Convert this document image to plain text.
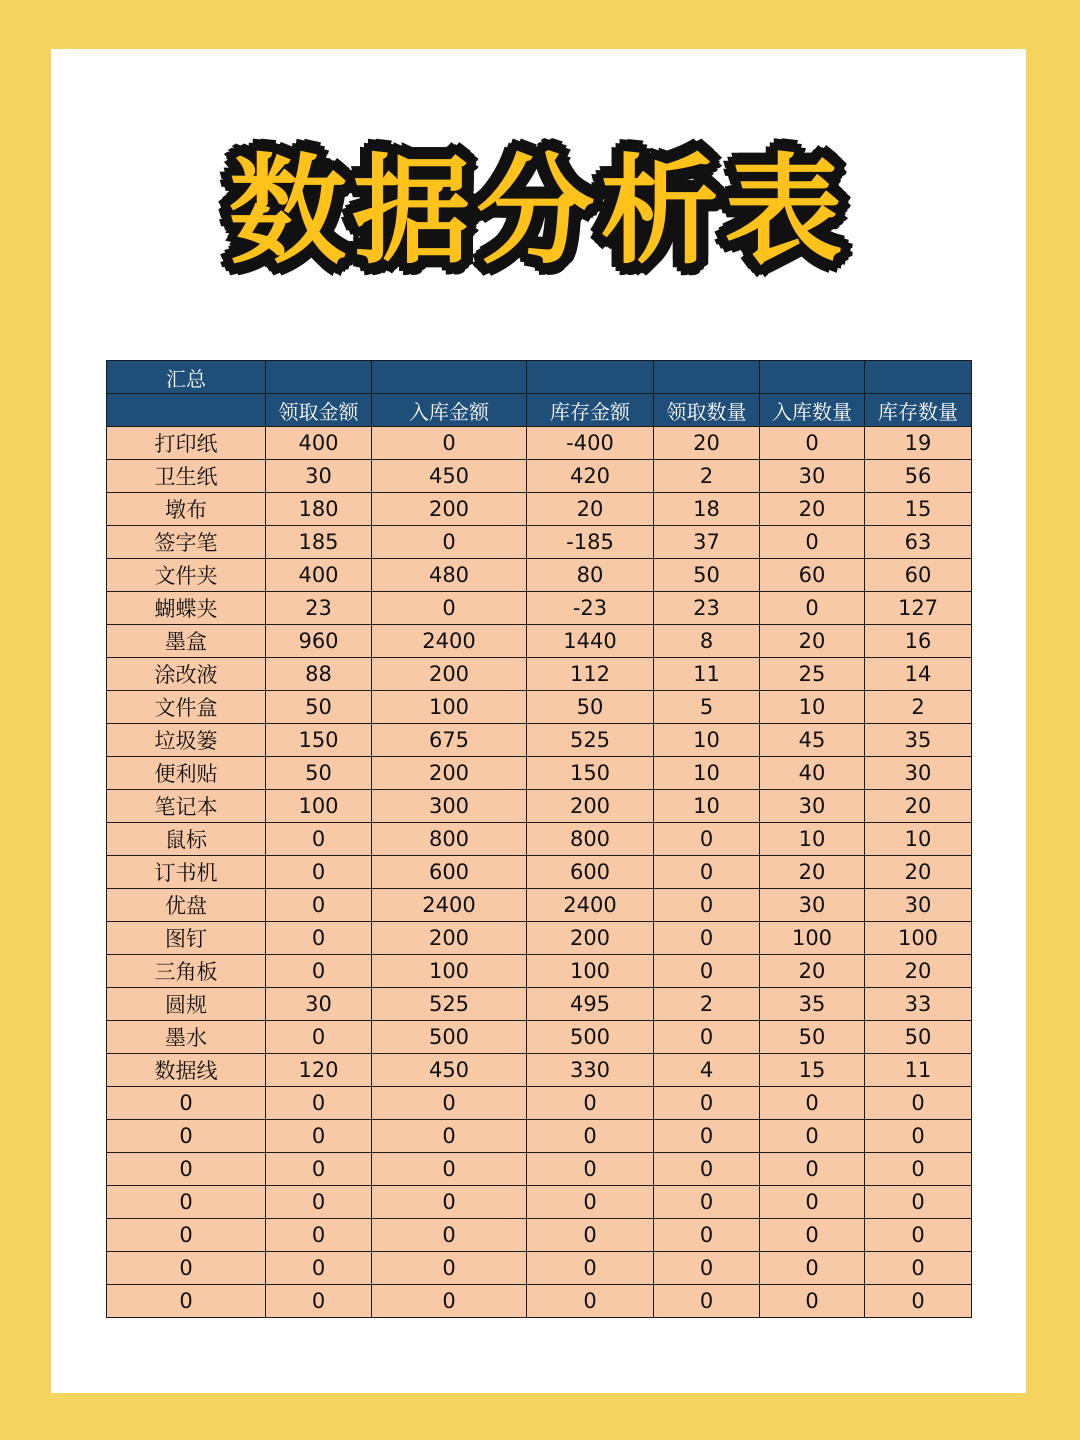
数据分析表
汇总						
	领取金额	入库金额	库存金额	领取数量	入库数量	库存数量
打印纸	400	0	-400	20	0	19
卫生纸	30	450	420	2	30	56
墩布	180	200	20	18	20	15
签字笔	185	0	-185	37	0	63
文件夹	400	480	80	50	60	60
蝴蝶夹	23	0	-23	23	0	127
墨盒	960	2400	1440	8	20	16
涂改液	88	200	112	11	25	14
文件盒	50	100	50	5	10	2
垃圾篓	150	675	525	10	45	35
便利贴	50	200	150	10	40	30
笔记本	100	300	200	10	30	20
鼠标	0	800	800	0	10	10
订书机	0	600	600	0	20	20
优盘	0	2400	2400	0	30	30
图钉	0	200	200	0	100	100
三角板	0	100	100	0	20	20
圆规	30	525	495	2	35	33
墨水	0	500	500	0	50	50
数据线	120	450	330	4	15	11
0	0	0	0	0	0	0
0	0	0	0	0	0	0
0	0	0	0	0	0	0
0	0	0	0	0	0	0
0	0	0	0	0	0	0
0	0	0	0	0	0	0
0	0	0	0	0	0	0
